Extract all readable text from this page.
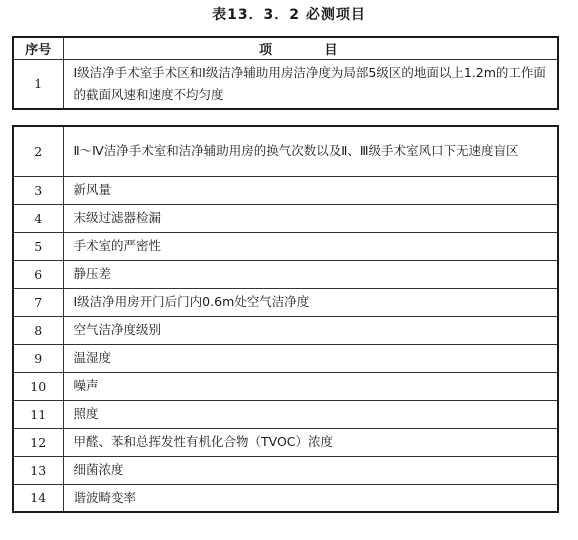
表13．3．2 必测项目
序号	项 目
1	Ⅰ级洁净手术室手术区和Ⅰ级洁净辅助用房洁净度为局部5级区的地面以上1.2m的工作面的截面风速和速度不均匀度
2	Ⅱ～Ⅳ洁净手术室和洁净辅助用房的换气次数以及Ⅱ、Ⅲ级手术室风口下无速度盲区
3	新风量
4	末级过滤器检漏
5	手术室的严密性
6	静压差
7	Ⅰ级洁净用房开门后门内0.6m处空气洁净度
8	空气洁净度级别
9	温湿度
10	噪声
11	照度
12	甲醛、苯和总挥发性有机化合物（TVOC）浓度
13	细菌浓度
14	谐波畸变率
